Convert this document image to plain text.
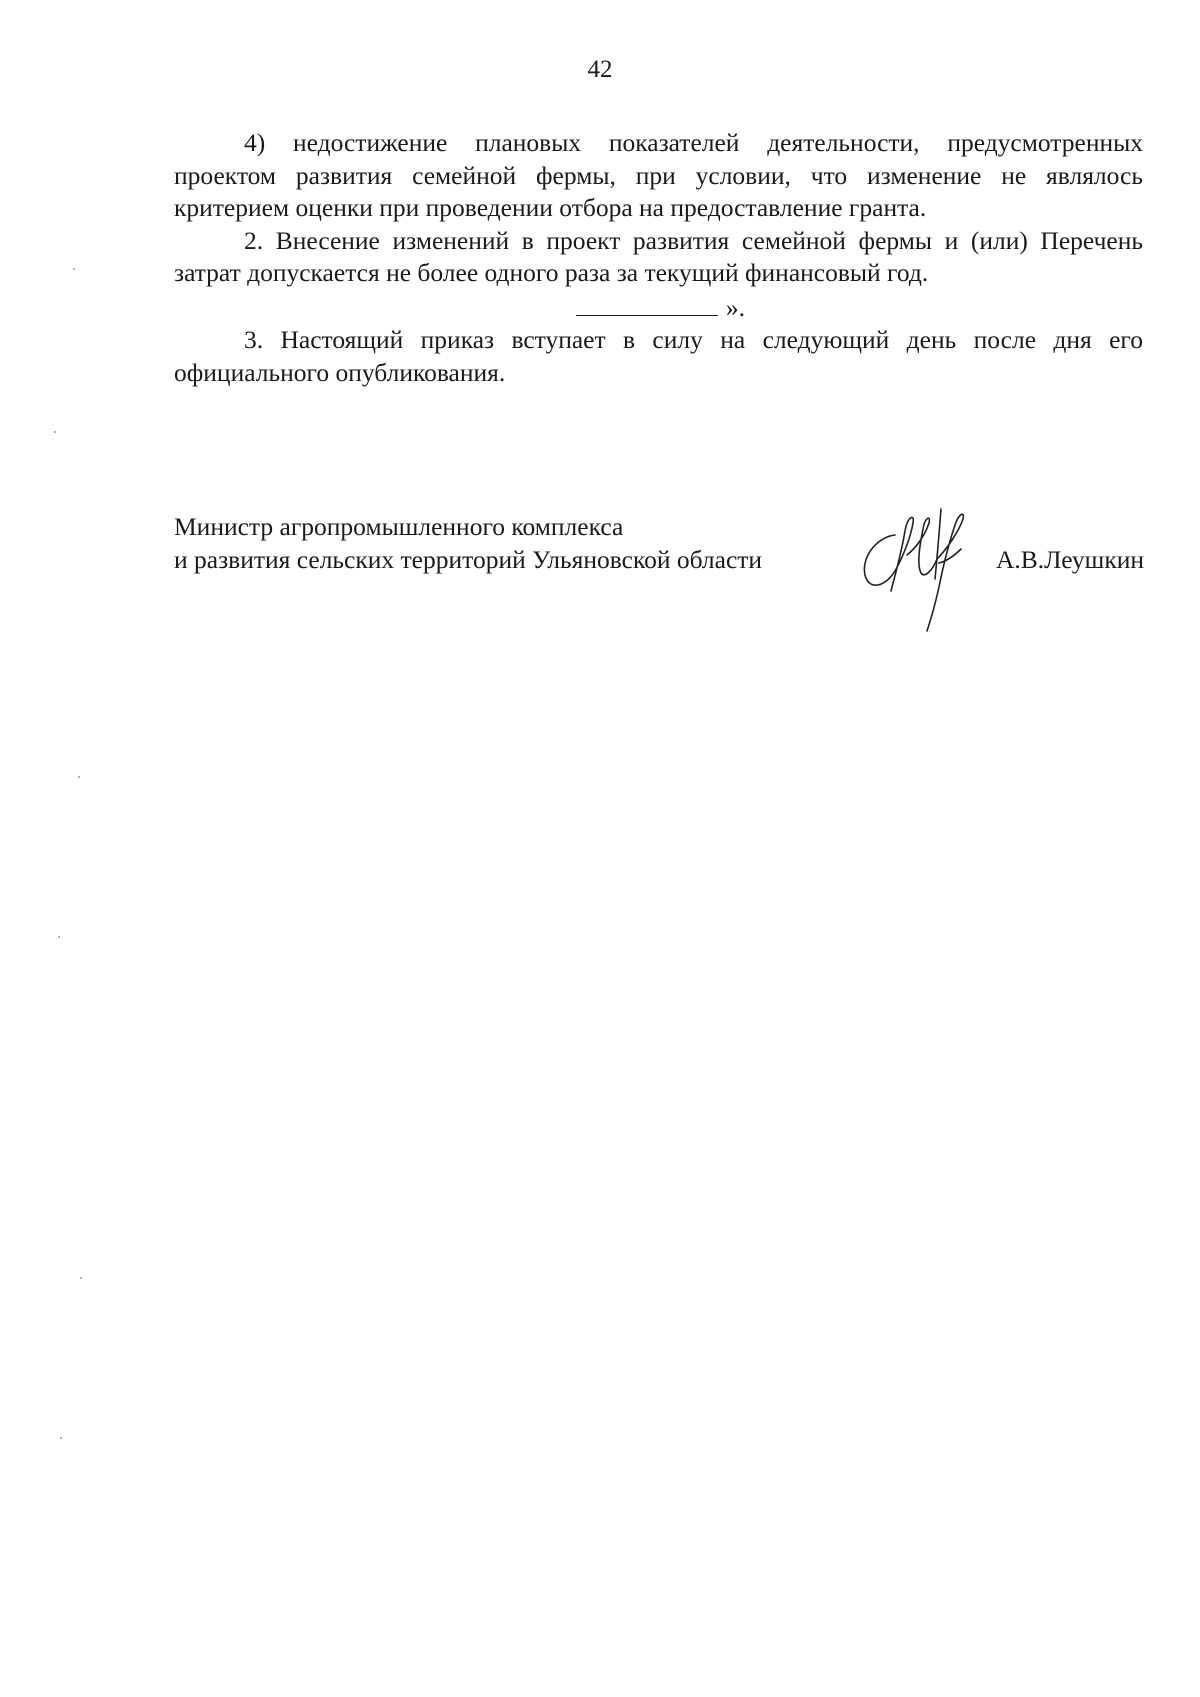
42

4) недостижение плановых показателей деятельности, предусмотренных проектом развития семейной фермы, при условии, что изменение не являлось критерием оценки при проведении отбора на предоставление гранта.

2. Внесение изменений в проект развития семейной фермы и (или) Перечень затрат допускается не более одного раза за текущий финансовый год.

».

3. Настоящий приказ вступает в силу на следующий день после дня его официального опубликования.

Министр агропромышленного комплекса
и развития сельских территорий Ульяновской области	А.В.Леушкин
